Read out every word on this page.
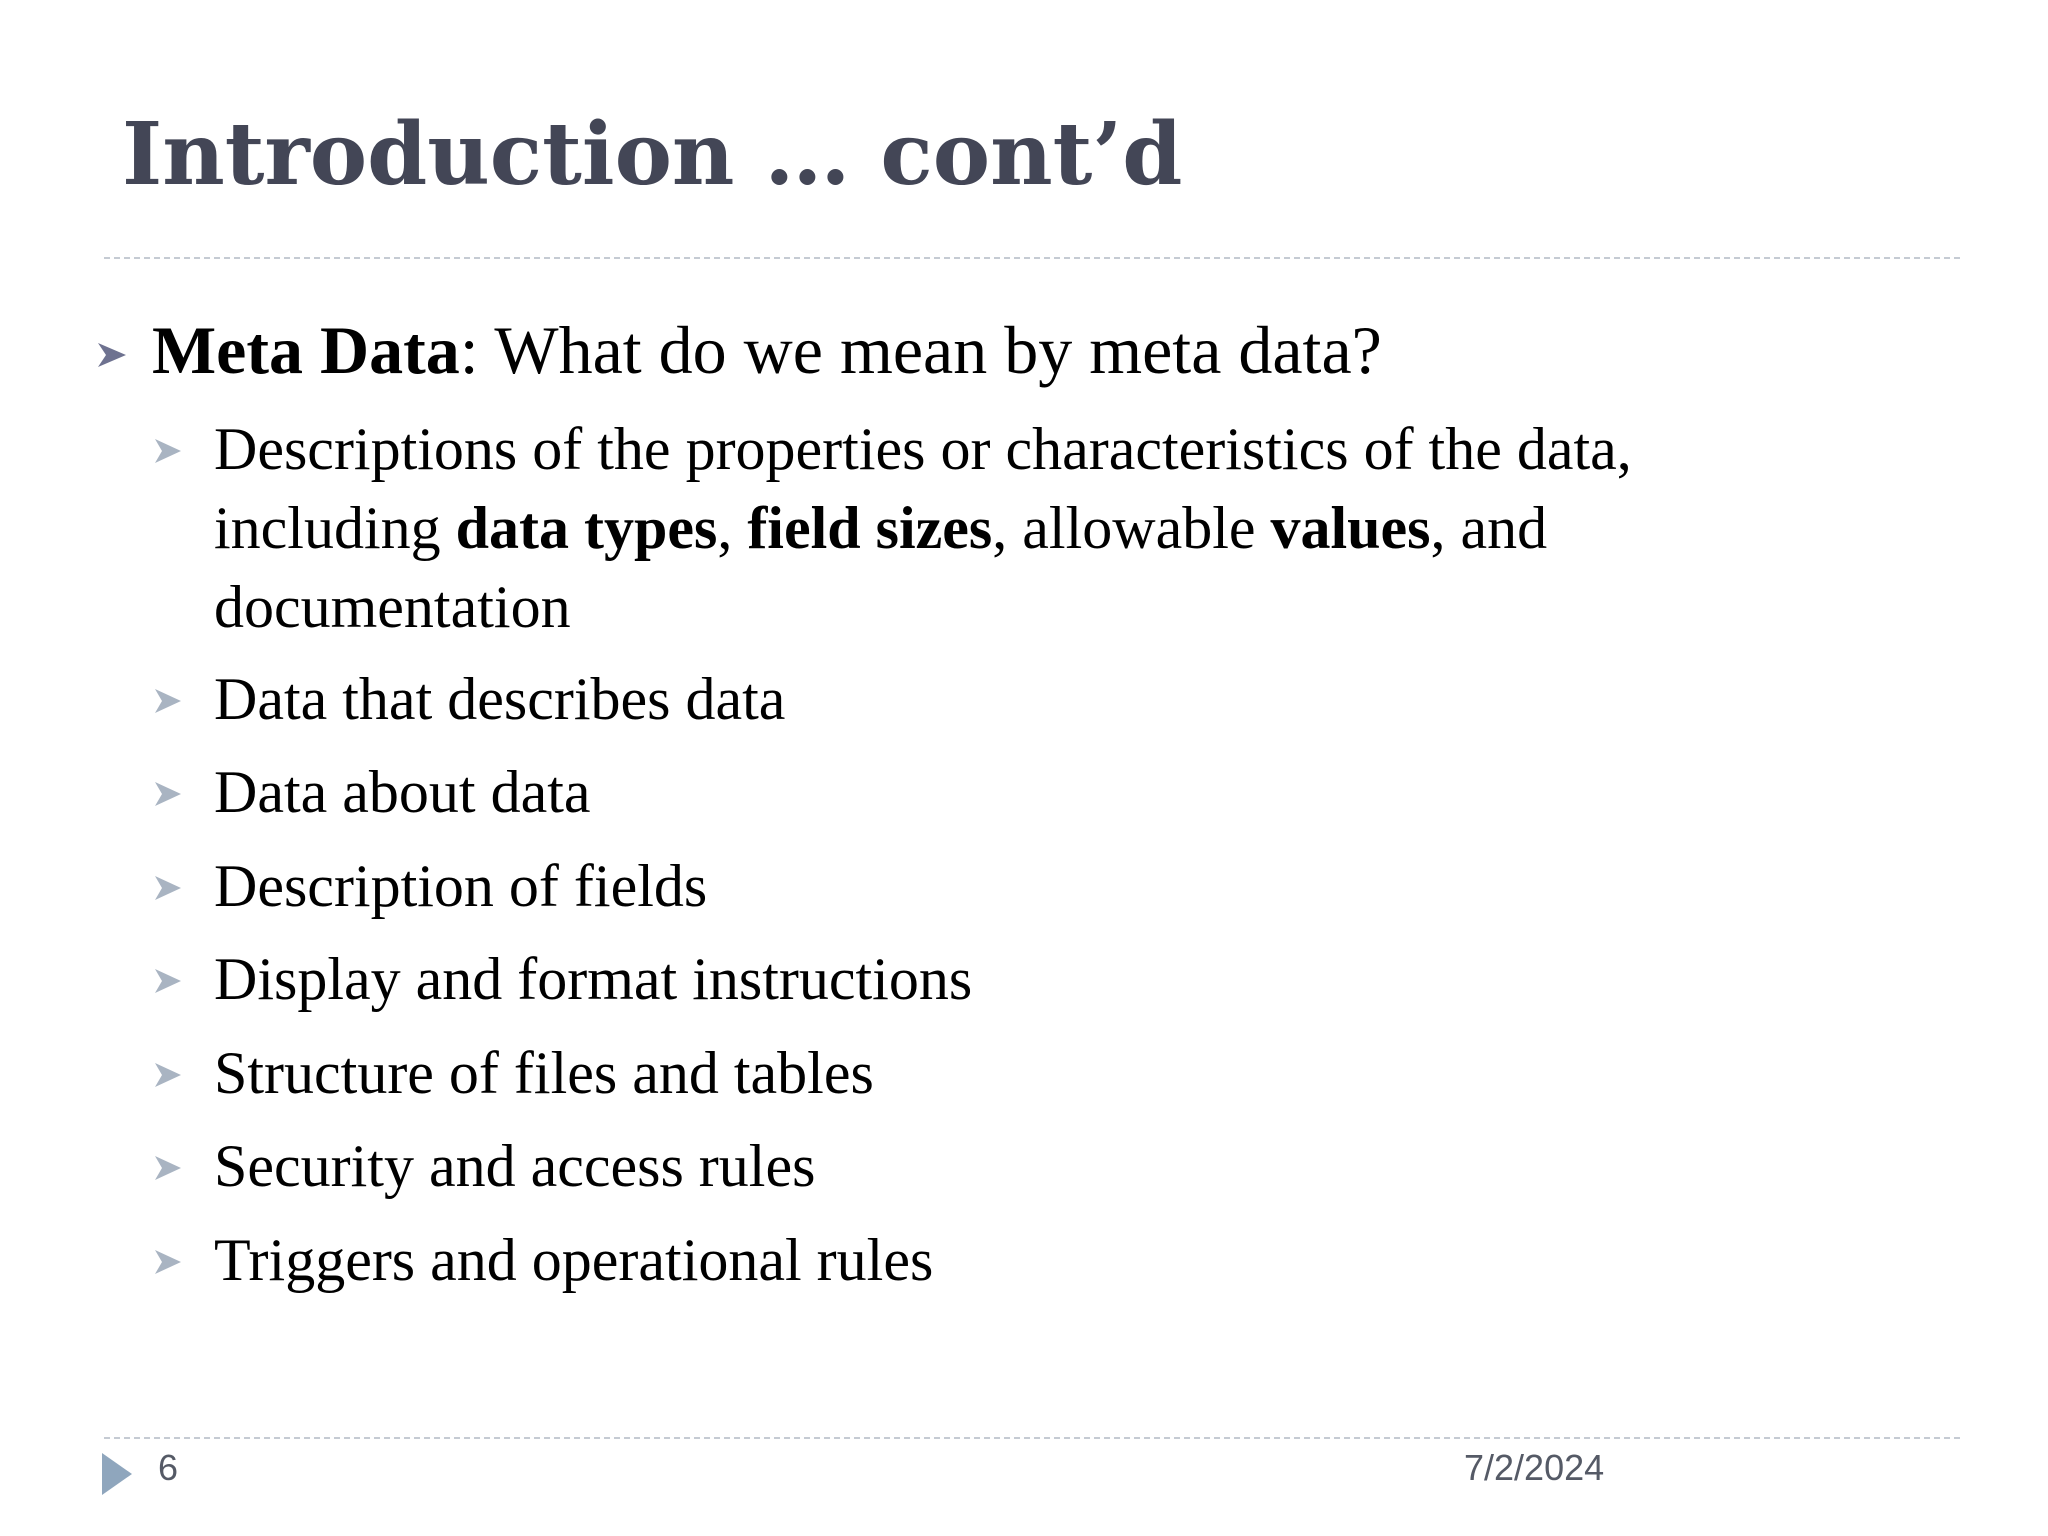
Introduction … cont’d
Meta Data: What do we mean by meta data?
Descriptions of the properties or characteristics of the data, including data types, field sizes, allowable values, and documentation
Data that describes data
Data about data
Description of fields
Display and format instructions
Structure of files and tables
Security and access rules
Triggers and operational rules
6	7/2/2024
